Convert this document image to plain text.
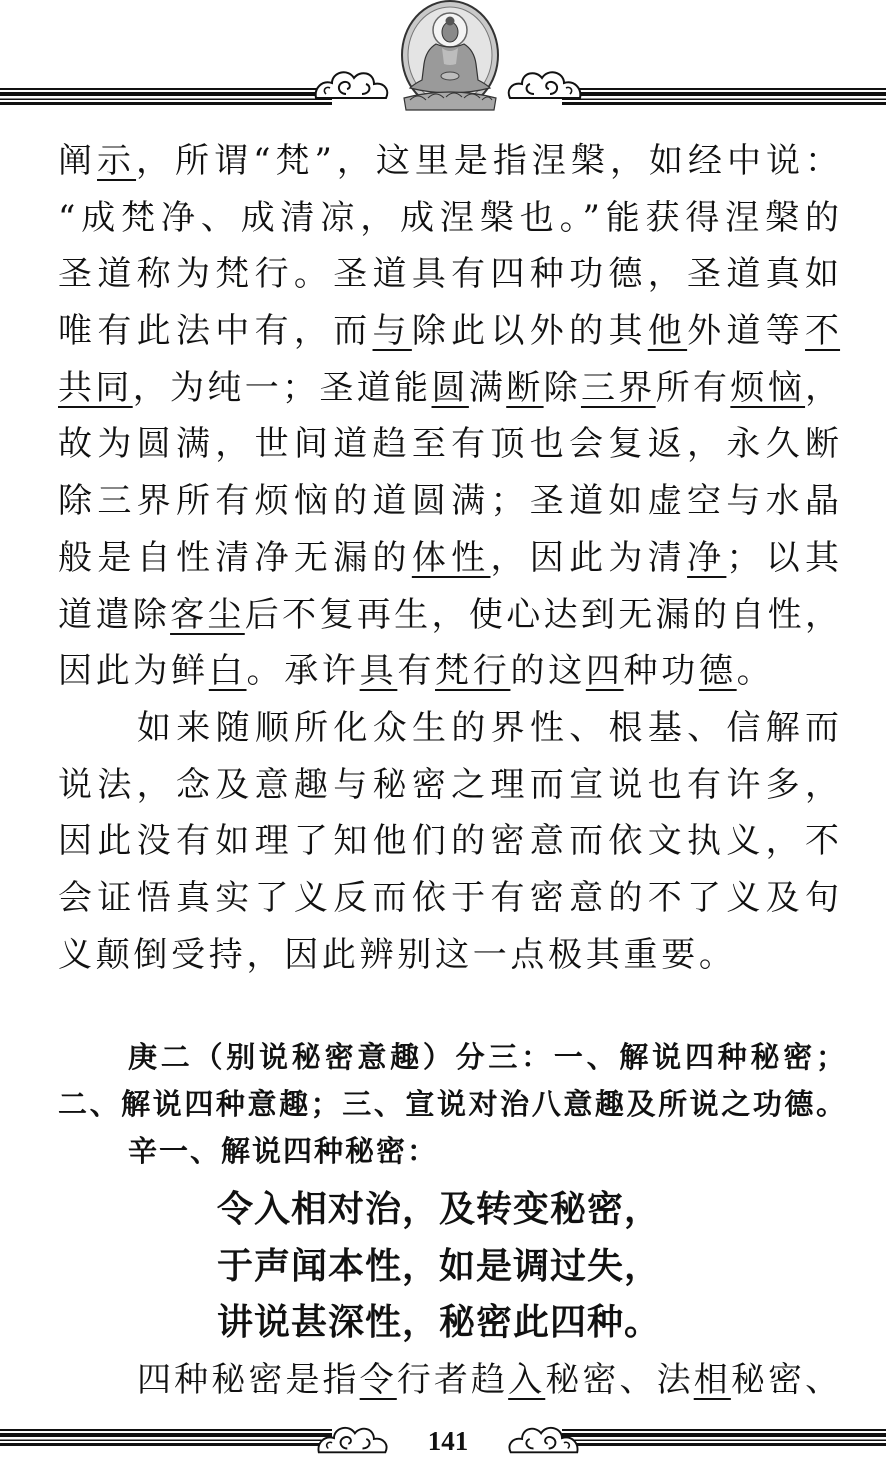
阐示，所谓“梵”，这里是指涅槃，如经中说：
“成梵净、成清凉，成涅槃也。”能获得涅槃的
圣道称为梵行。圣道具有四种功德，圣道真如
唯有此法中有，而与除此以外的其他外道等不
共同，为纯一；圣道能圆满断除三界所有烦恼，
故为圆满，世间道趋至有顶也会复返，永久断
除三界所有烦恼的道圆满；圣道如虚空与水晶
般是自性清净无漏的体性，因此为清净；以其
道遣除客尘后不复再生，使心达到无漏的自性，
因此为鲜白。承许具有梵行的这四种功德。
如来随顺所化众生的界性、根基、信解而
说法，念及意趣与秘密之理而宣说也有许多，
因此没有如理了知他们的密意而依文执义，不
会证悟真实了义反而依于有密意的不了义及句
义颠倒受持，因此辨别这一点极其重要。
庚二（别说秘密意趣）分三：一、解说四种秘密；
二、解说四种意趣；三、宣说对治八意趣及所说之功德。
辛一、解说四种秘密：
令入相对治，及转变秘密，
于声闻本性，如是调过失，
讲说甚深性，秘密此四种。
四种秘密是指令行者趋入秘密、法相秘密、
141
